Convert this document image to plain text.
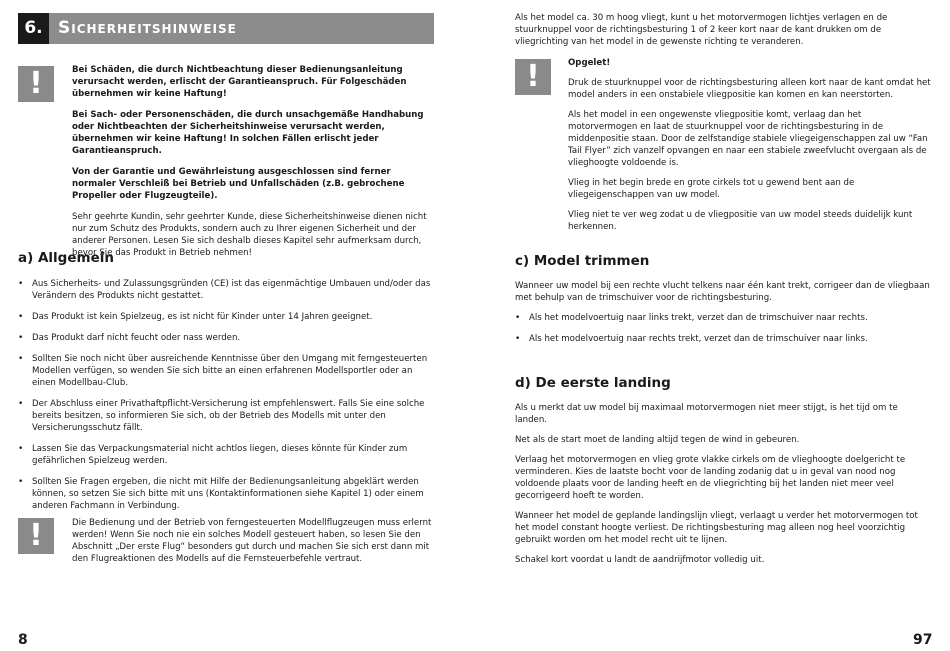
6. Sicherheitshinweise
!	Bei Schäden, die durch Nichtbeachtung dieser Bedienungsanleitung verursacht werden, erlischt der Garantieanspruch. Für Folgeschäden übernehmen wir keine Haftung!

Bei Sach- oder Personenschäden, die durch unsachgemäße Handhabung oder Nichtbeachten der Sicherheitshinweise verursacht werden, übernehmen wir keine Haftung! In solchen Fällen erlischt jeder Garantieanspruch.

Von der Garantie und Gewährleistung ausgeschlossen sind ferner normaler Verschleiß bei Betrieb und Unfallschäden (z.B. gebrochene Propeller oder Flugzeugteile).

Sehr geehrte Kundin, sehr geehrter Kunde, diese Sicherheitshinweise dienen nicht nur zum Schutz des Produkts, sondern auch zu Ihrer eigenen Sicherheit und der anderer Personen. Lesen Sie sich deshalb dieses Kapitel sehr aufmerksam durch, bevor Sie das Produkt in Betrieb nehmen!

a) Allgemein
• Aus Sicherheits- und Zulassungsgründen (CE) ist das eigenmächtige Umbauen und/oder das Verändern des Produkts nicht gestattet.
• Das Produkt ist kein Spielzeug, es ist nicht für Kinder unter 14 Jahren geeignet.
• Das Produkt darf nicht feucht oder nass werden.
• Sollten Sie noch nicht über ausreichende Kenntnisse über den Umgang mit ferngesteuerten Modellen verfügen, so wenden Sie sich bitte an einen erfahrenen Modellsportler oder an einen Modellbau-Club.
• Der Abschluss einer Privathaftpflicht-Versicherung ist empfehlenswert. Falls Sie eine solche bereits besitzen, so informieren Sie sich, ob der Betrieb des Modells mit unter den Versicherungsschutz fällt.
• Lassen Sie das Verpackungsmaterial nicht achtlos liegen, dieses könnte für Kinder zum gefährlichen Spielzeug werden.
• Sollten Sie Fragen ergeben, die nicht mit Hilfe der Bedienungsanleitung abgeklärt werden können, so setzen Sie sich bitte mit uns (Kontaktinformationen siehe Kapitel 1) oder einem anderen Fachmann in Verbindung.
!	Die Bedienung und der Betrieb von ferngesteuerten Modellflugzeugen muss erlernt werden! Wenn Sie noch nie ein solches Modell gesteuert haben, so lesen Sie den Abschnitt „Der erste Flug“ besonders gut durch und machen Sie sich erst dann mit den Flugreaktionen des Modells auf die Fernsteuerbefehle vertraut.

8

Als het model ca. 30 m hoog vliegt, kunt u het motorvermogen lichtjes verlagen en de stuurknuppel voor de richtingsbesturing 1 of 2 keer kort naar de kant drukken om de vliegrichting van het model in de gewenste richting te veranderen.

!	Opgelet!

Druk de stuurknuppel voor de richtingsbesturing alleen kort naar de kant omdat het model anders in een onstabiele vliegpositie kan komen en kan neerstorten.

Als het model in een ongewenste vliegpositie komt, verlaag dan het motorvermogen en laat de stuurknuppel voor de richtingsbesturing in de middenpositie staan. Door de zelfstandige stabiele vliegeigenschappen zal uw “Fan Tail Flyer” zich vanzelf opvangen en naar een stabiele zweefvlucht overgaan als de vlieghoogte voldoende is.

Vlieg in het begin brede en grote cirkels tot u gewend bent aan de vliegeigenschappen van uw model.

Vlieg niet te ver weg zodat u de vliegpositie van uw model steeds duidelijk kunt herkennen.

c) Model trimmen

Wanneer uw model bij een rechte vlucht telkens naar één kant trekt, corrigeer dan de vliegbaan met behulp van de trimschuiver voor de richtingsbesturing.

• Als het modelvoertuig naar links trekt, verzet dan de trimschuiver naar rechts.
• Als het modelvoertuig naar rechts trekt, verzet dan de trimschuiver naar links.
d) De eerste landing

Als u merkt dat uw model bij maximaal motorvermogen niet meer stijgt, is het tijd om te landen.

Net als de start moet de landing altijd tegen de wind in gebeuren.

Verlaag het motorvermogen en vlieg grote vlakke cirkels om de vlieghoogte doelgericht te verminderen. Kies de laatste bocht voor de landing zodanig dat u in geval van nood nog voldoende plaats voor de landing heeft en de vliegrichting bij het landen niet meer veel gecorrigeerd hoeft te worden.

Wanneer het model de geplande landingslijn vliegt, verlaagt u verder het motorvermogen tot het model constant hoogte verliest. De richtingsbesturing mag alleen nog heel voorzichtig gebruikt worden om het model recht uit te lijnen.

Schakel kort voordat u landt de aandrijfmotor volledig uit.

97
